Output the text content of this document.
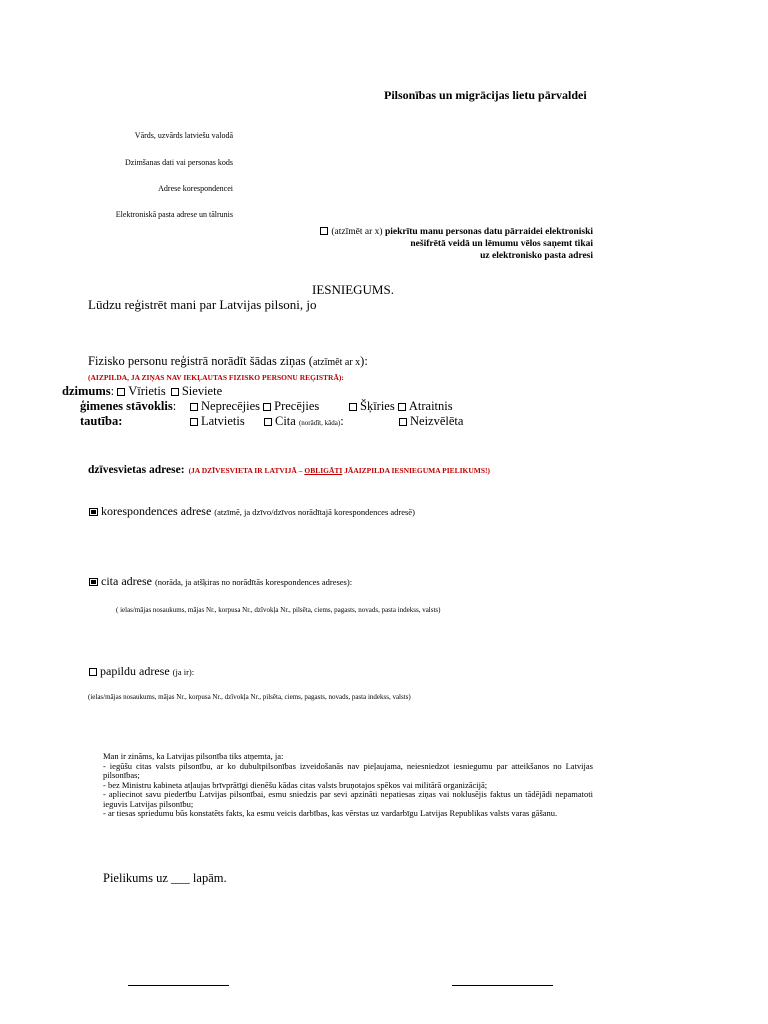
Pilsonības un migrācijas lietu pārvaldei
Vārds, uzvārds latviešu valodā
Dzimšanas dati vai personas kods
Adrese korespondencei
Elektroniskā pasta adrese un tālrunis
(atzīmēt ar x) piekrītu manu personas datu pārraidei elektroniski
nešifrētā veidā un lēmumu vēlos saņemt tikai
uz elektronisko pasta adresi
IESNIEGUMS.
Lūdzu reģistrēt mani par Latvijas pilsoni, jo
Fizisko personu reģistrā norādīt šādas ziņas (atzīmēt ar x):
(AIZPILDA, JA ZIŅAS NAV IEKĻAUTAS FIZISKO PERSONU REĢISTRĀ):
dzimums: Vīrietis Sieviete
ģimenes stāvoklis:	Neprecējies Precējies	Šķīries Atraitnis
tautība:	Latvietis	Cita (norādīt, kāda):	Neizvēlēta
dzīvesvietas adrese: (JA DZĪVESVIETA IR LATVIJĀ – OBLIGĀTI JĀAIZPILDA IESNIEGUMA PIELIKUMS!)
korespondences adrese (atzīmē, ja dzīvo/dzīvos norādītajā korespondences adresē)
cita adrese (norāda, ja atšķiras no norādītās korespondences adreses):
( ielas/mājas nosaukums, mājas Nr., korpusa Nr., dzīvokļa Nr., pilsēta, ciems, pagasts, novads, pasta indekss, valsts)
papildu adrese (ja ir):
(ielas/mājas nosaukums, mājas Nr., korpusa Nr., dzīvokļa Nr., pilsēta, ciems, pagasts, novads, pasta indekss, valsts)
Man ir zināms, ka Latvijas pilsonība tiks atņemta, ja:
- iegūšu citas valsts pilsonību, ar ko dubultpilsonības izveidošanās nav pieļaujama, neiesniedzot iesniegumu par atteikšanos no Latvijas pilsonības;
- bez Ministru kabineta atļaujas brīvprātīgi dienēšu kādas citas valsts bruņotajos spēkos vai militārā organizācijā;
- apliecinot savu piederību Latvijas pilsonībai, esmu sniedzis par sevi apzināti nepatiesas ziņas vai noklusējis faktus un tādējādi nepamatoti ieguvis Latvijas pilsonību;
- ar tiesas spriedumu būs konstatēts fakts, ka esmu veicis darbības, kas vērstas uz vardarbīgu Latvijas Republikas valsts varas gāšanu.
Pielikums uz ___ lapām.
